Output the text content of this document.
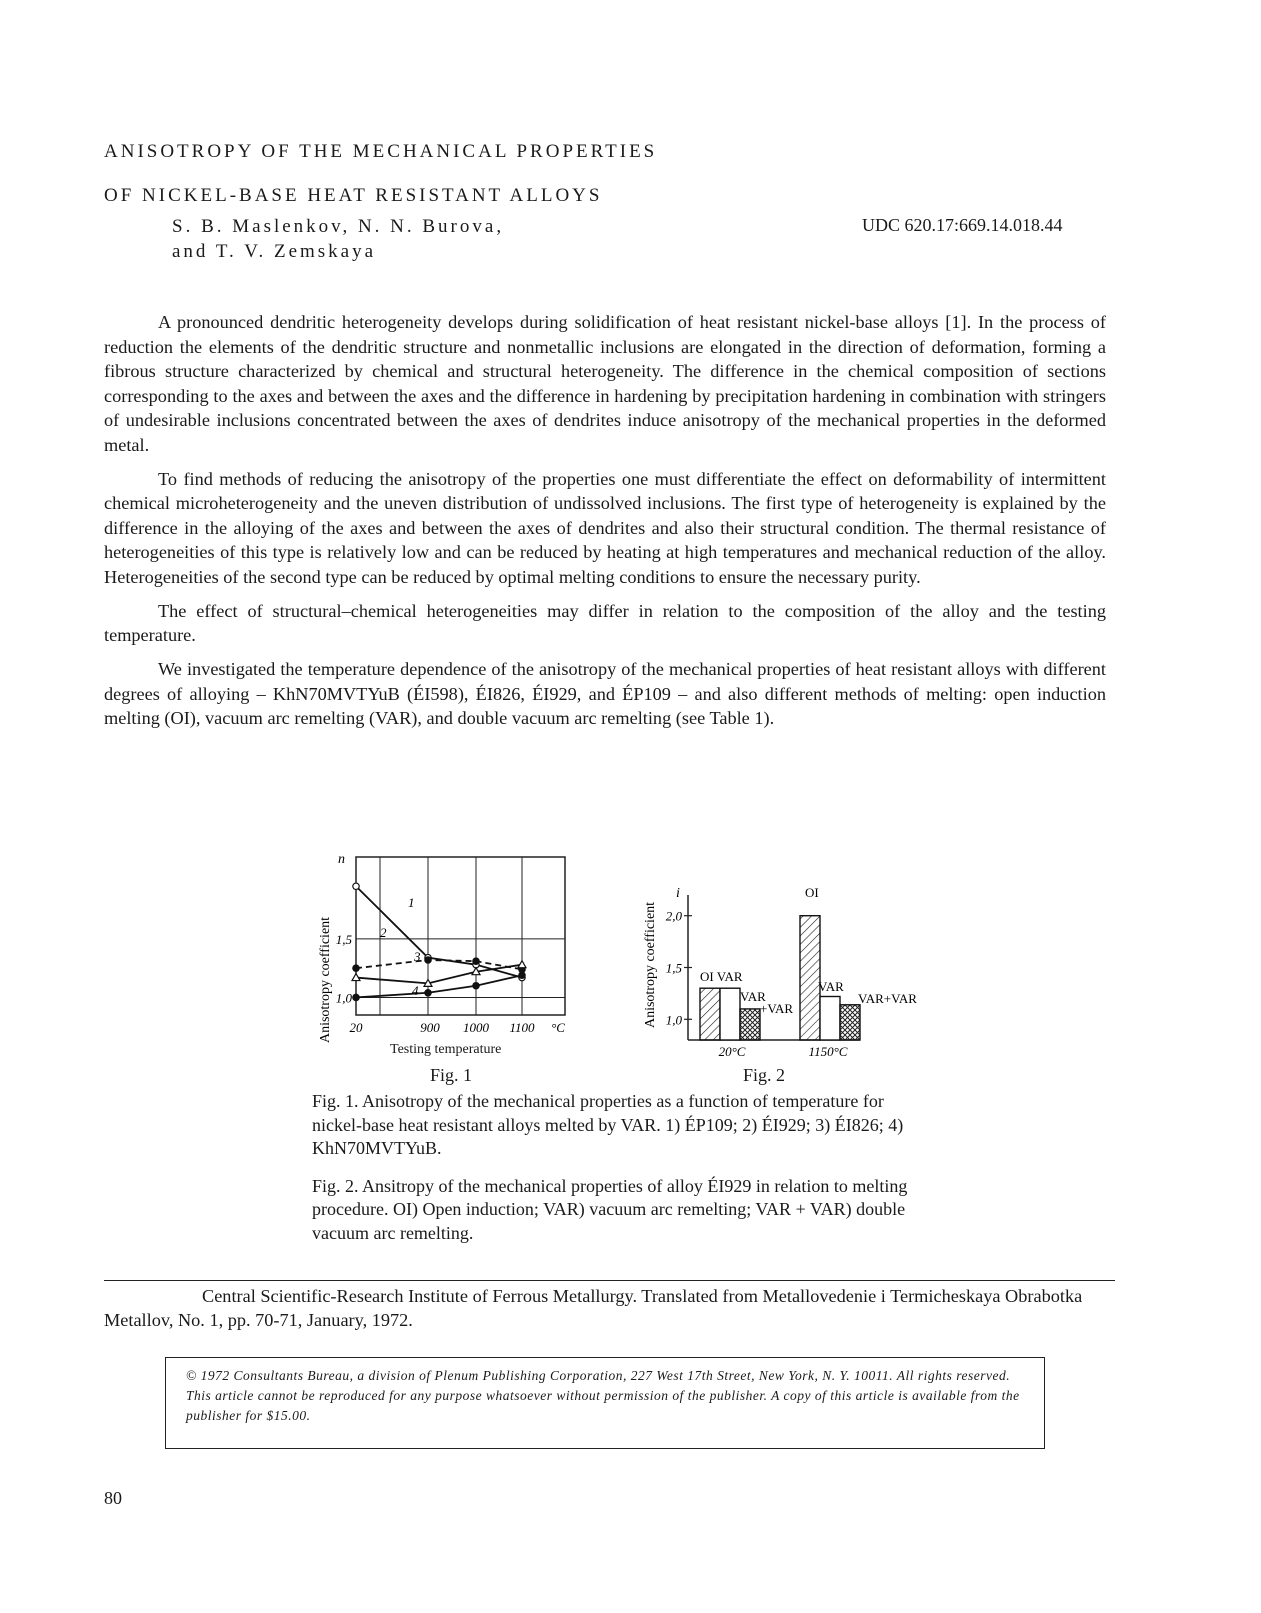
ANISOTROPY OF THE MECHANICAL PROPERTIES
OF NICKEL-BASE HEAT RESISTANT ALLOYS
S. B. Maslenkov, N. N. Burova,
and T. V. Zemskaya
UDC 620.17:669.14.018.44

A pronounced dendritic heterogeneity develops during solidification of heat resistant nickel-base alloys [1]. In the process of reduction the elements of the dendritic structure and nonmetallic inclusions are elongated in the direction of deformation, forming a fibrous structure characterized by chemical and structural heterogeneity. The difference in the chemical composition of sections corresponding to the axes and between the axes and the difference in hardening by precipitation hardening in combination with stringers of undesirable inclusions concentrated between the axes of dendrites induce anisotropy of the mechanical properties in the deformed metal.

To find methods of reducing the anisotropy of the properties one must differentiate the effect on deformability of intermittent chemical microheterogeneity and the uneven distribution of undissolved inclusions. The first type of heterogeneity is explained by the difference in the alloying of the axes and between the axes of dendrites and also their structural condition. The thermal resistance of heterogeneities of this type is relatively low and can be reduced by heating at high temperatures and mechanical reduction of the alloy. Heterogeneities of the second type can be reduced by optimal melting conditions to ensure the necessary purity.

The effect of structural–chemical heterogeneities may differ in relation to the composition of the alloy and the testing temperature.

We investigated the temperature dependence of the anisotropy of the mechanical properties of heat resistant alloys with different degrees of alloying – KhN70MVTYuB (ÉI598), ÉI826, ÉI929, and ÉP109 – and also different methods of melting: open induction melting (OI), vacuum arc remelting (VAR), and double vacuum arc remelting (see Table 1).

Anisotropy coefficient
n
20	900 1000 1100 °C
1,0
1,5
1
2
3
4
Testing temperature
Fig. 1
Anisotropy coefficient
i
1,0
1,5
2,0
20°C	1150°C
OI VAR
VAR
+VAR
OI
VAR
VAR+VAR
Fig. 2

Fig. 1. Anisotropy of the mechanical properties as a function of temperature for nickel-base heat resistant alloys melted by VAR. 1) ÉP109; 2) ÉI929; 3) ÉI826; 4) KhN70MVTYuB.

Fig. 2. Ansitropy of the mechanical properties of alloy ÉI929 in relation to melting procedure. OI) Open induction; VAR) vacuum arc remelting; VAR + VAR) double vacuum arc remelting.

Central Scientific-Research Institute of Ferrous Metallurgy. Translated from Metallovedenie i Termicheskaya Obrabotka Metallov, No. 1, pp. 70-71, January, 1972.

© 1972 Consultants Bureau, a division of Plenum Publishing Corporation, 227 West 17th Street, New York, N. Y. 10011. All rights reserved. This article cannot be reproduced for any purpose whatsoever without permission of the publisher. A copy of this article is available from the publisher for $15.00.
80
